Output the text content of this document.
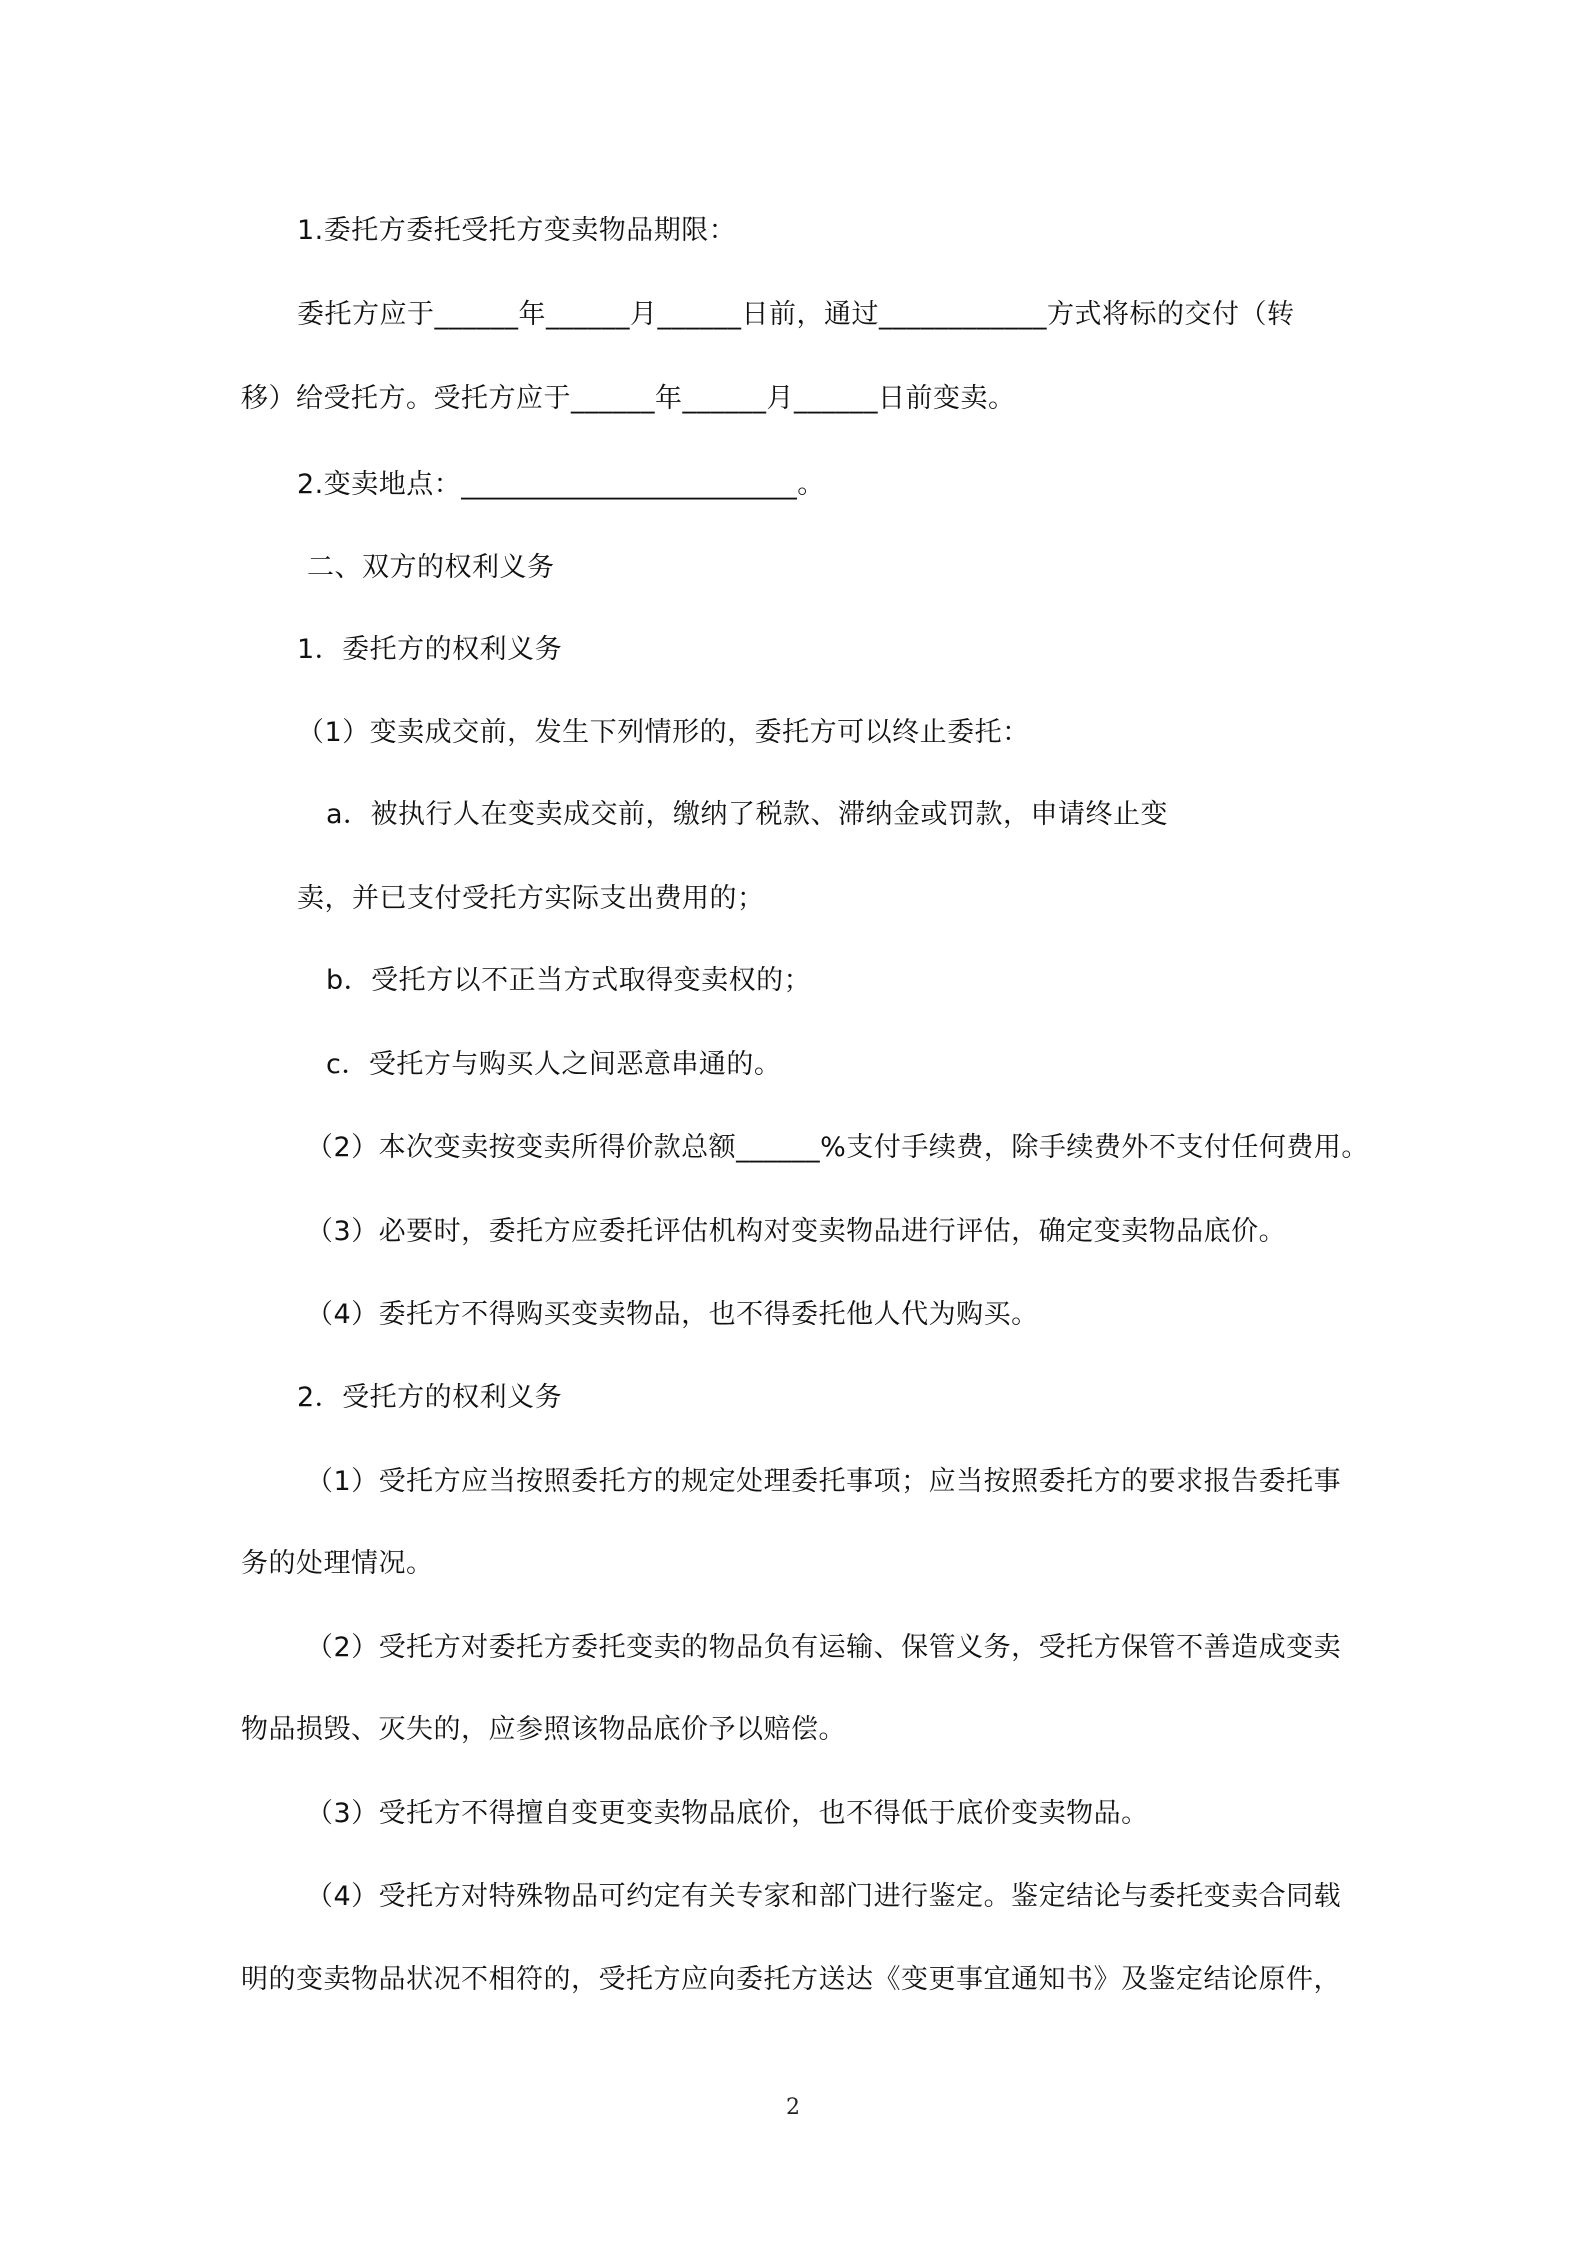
1.委托方委托受托方变卖物品期限：
委托方应于______年______月______日前，通过____________方式将标的交付（转
移）给受托方。受托方应于______年______月______日前变卖。
2.变卖地点：________________________。
二、双方的权利义务
1．委托方的权利义务
（1）变卖成交前，发生下列情形的，委托方可以终止委托：
a．被执行人在变卖成交前，缴纳了税款、滞纳金或罚款，申请终止变
卖，并已支付受托方实际支出费用的；
b．受托方以不正当方式取得变卖权的；
c．受托方与购买人之间恶意串通的。
（2）本次变卖按变卖所得价款总额______%支付手续费，除手续费外不支付任何费用。
（3）必要时，委托方应委托评估机构对变卖物品进行评估，确定变卖物品底价。
（4）委托方不得购买变卖物品，也不得委托他人代为购买。
2．受托方的权利义务
（1）受托方应当按照委托方的规定处理委托事项；应当按照委托方的要求报告委托事
务的处理情况。
（2）受托方对委托方委托变卖的物品负有运输、保管义务，受托方保管不善造成变卖
物品损毁、灭失的，应参照该物品底价予以赔偿。
（3）受托方不得擅自变更变卖物品底价，也不得低于底价变卖物品。
（4）受托方对特殊物品可约定有关专家和部门进行鉴定。鉴定结论与委托变卖合同载
明的变卖物品状况不相符的，受托方应向委托方送达《变更事宜通知书》及鉴定结论原件，
2
